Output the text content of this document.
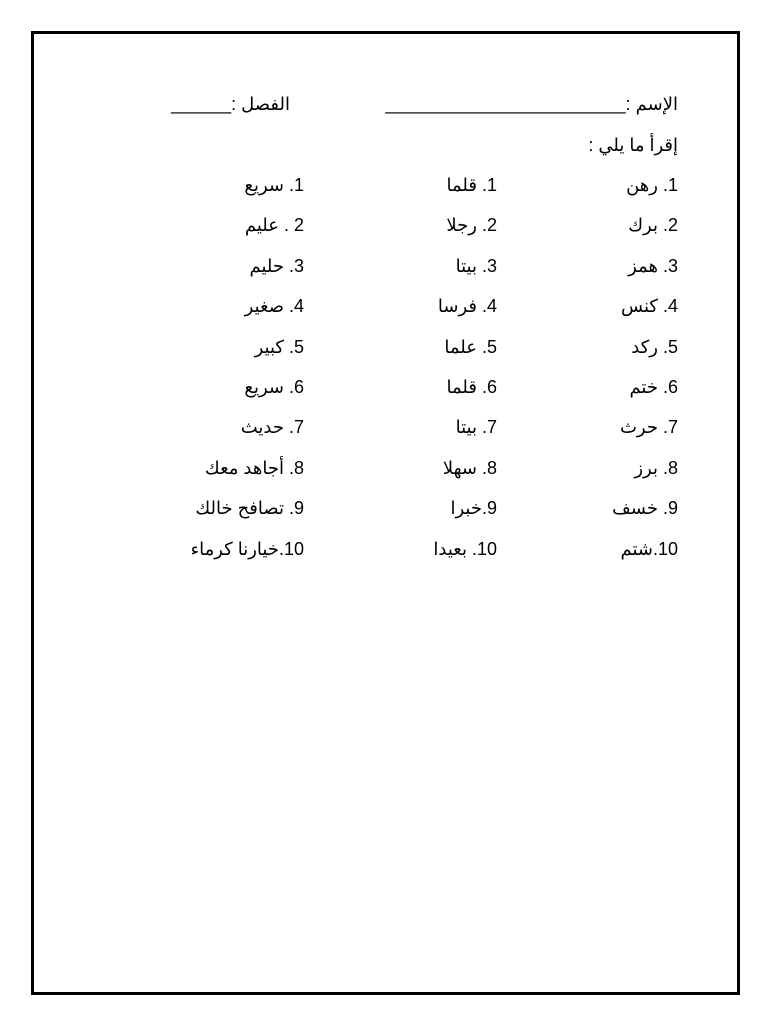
الإسم :________________________
الفصل :______
إقرأ ما يلي :
1. رهن
2. برك
3. همز
4. كنس
5. ركد
6. ختم
7. حرث
8. برز
9. خسف
10.شتم
1. قلما
2. رجلا
3. بيتا
4. فرسا
5. علما
6. قلما
7. بيتا
8. سهلا
9.خبرا
10. بعيدا
1. سريع
2 . عليم
3. حليم
4. صغير
5. كبير
6. سريع
7. حديث
8. أجاهد معك
9. تصافح خالك
10.خيارنا كرماء
